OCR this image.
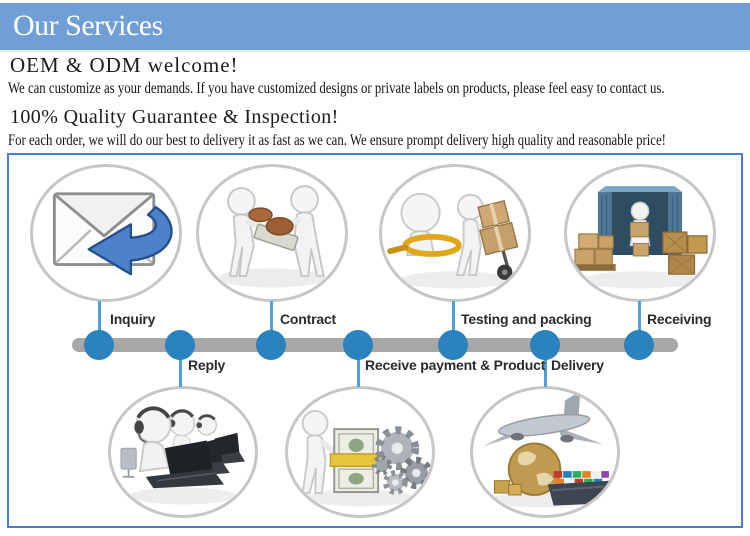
Our Services
OEM & ODM welcome!

We can customize as your demands. If you have customized designs or private labels on products, please feel easy to contact us.

100% Quality Guarantee & Inspection!

For each order, we will do our best to delivery it as fast as we can. We ensure prompt delivery high quality and reasonable price!

Inquiry	Contract	Testing and packing	Receiving
Reply	Receive payment & Product Delivery
